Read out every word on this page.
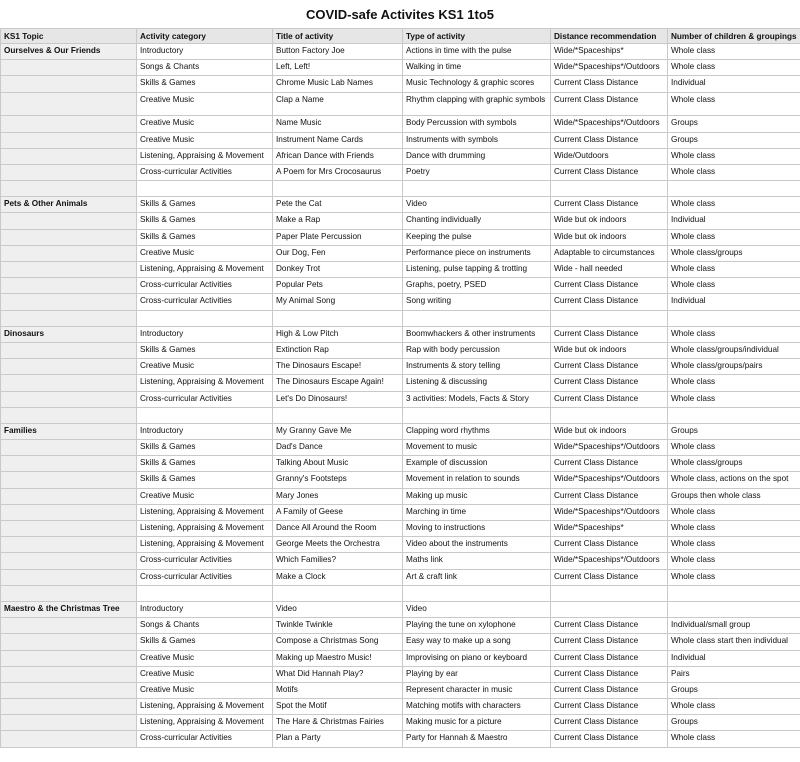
COVID-safe Activites KS1 1to5
KS1 Topic	Activity category	Title of activity	Type of activity	Distance recommendation	Number of children & groupings
Ourselves & Our Friends	Introductory	Button Factory Joe	Actions in time with the pulse	Wide/*Spaceships*	Whole class
	Songs & Chants	Left, Left!	Walking in time	Wide/*Spaceships*/Outdoors	Whole class
	Skills & Games	Chrome Music Lab Names	Music Technology & graphic scores	Current Class Distance	Individual
	Creative Music	Clap a Name	Rhythm clapping with graphic symbols	Current Class Distance	Whole class
	Creative Music	Name Music	Body Percussion with symbols	Wide/*Spaceships*/Outdoors	Groups
	Creative Music	Instrument Name Cards	Instruments with symbols	Current Class Distance	Groups
	Listening, Appraising & Movement	African Dance with Friends	Dance with drumming	Wide/Outdoors	Whole class
	Cross-curricular Activities	A Poem for Mrs Crocosaurus	Poetry	Current Class Distance	Whole class

Pets & Other Animals	Skills & Games	Pete the Cat	Video	Current Class Distance	Whole class
	Skills & Games	Make a Rap	Chanting individually	Wide but ok indoors	Individual
	Skills & Games	Paper Plate Percussion	Keeping the pulse	Wide but ok indoors	Whole class
	Creative Music	Our Dog, Fen	Performance piece on instruments	Adaptable to circumstances	Whole class/groups
	Listening, Appraising & Movement	Donkey Trot	Listening, pulse tapping & trotting	Wide - hall needed	Whole class
	Cross-curricular Activities	Popular Pets	Graphs, poetry, PSED	Current Class Distance	Whole class
	Cross-curricular Activities	My Animal Song	Song writing	Current Class Distance	Individual

Dinosaurs	Introductory	High & Low Pitch	Boomwhackers & other instruments	Current Class Distance	Whole class
	Skills & Games	Extinction Rap	Rap with body percussion	Wide but ok indoors	Whole class/groups/individual
	Creative Music	The Dinosaurs Escape!	Instruments & story telling	Current Class Distance	Whole class/groups/pairs
	Listening, Appraising & Movement	The Dinosaurs Escape Again!	Listening & discussing	Current Class Distance	Whole class
	Cross-curricular Activities	Let's Do Dinosaurs!	3 activities: Models, Facts & Story	Current Class Distance	Whole class

Families	Introductory	My Granny Gave Me	Clapping word rhythms	Wide but ok indoors	Groups
	Skills & Games	Dad's Dance	Movement to music	Wide/*Spaceships*/Outdoors	Whole class
	Skills & Games	Talking About Music	Example of discussion	Current Class Distance	Whole class/groups
	Skills & Games	Granny's Footsteps	Movement in relation to sounds	Wide/*Spaceships*/Outdoors	Whole class, actions on the spot
	Creative Music	Mary Jones	Making up music	Current Class Distance	Groups then whole class
	Listening, Appraising & Movement	A Family of Geese	Marching in time	Wide/*Spaceships*/Outdoors	Whole class
	Listening, Appraising & Movement	Dance All Around the Room	Moving to instructions	Wide/*Spaceships*	Whole class
	Listening, Appraising & Movement	George Meets the Orchestra	Video about the instruments	Current Class Distance	Whole class
	Cross-curricular Activities	Which Families?	Maths link	Wide/*Spaceships*/Outdoors	Whole class
	Cross-curricular Activities	Make a Clock	Art & craft link	Current Class Distance	Whole class

Maestro & the Christmas Tree	Introductory	Video	Video		
	Songs & Chants	Twinkle Twinkle	Playing the tune on xylophone	Current Class Distance	Individual/small group
	Skills & Games	Compose a Christmas Song	Easy way to make up a song	Current Class Distance	Whole class start then individual
	Creative Music	Making up Maestro Music!	Improvising on piano or keyboard	Current Class Distance	Individual
	Creative Music	What Did Hannah Play?	Playing by ear	Current Class Distance	Pairs
	Creative Music	Motifs	Represent character in music	Current Class Distance	Groups
	Listening, Appraising & Movement	Spot the Motif	Matching motifs with characters	Current Class Distance	Whole class
	Listening, Appraising & Movement	The Hare & Christmas Fairies	Making music for a picture	Current Class Distance	Groups
	Cross-curricular Activities	Plan a Party	Party for Hannah & Maestro	Current Class Distance	Whole class
